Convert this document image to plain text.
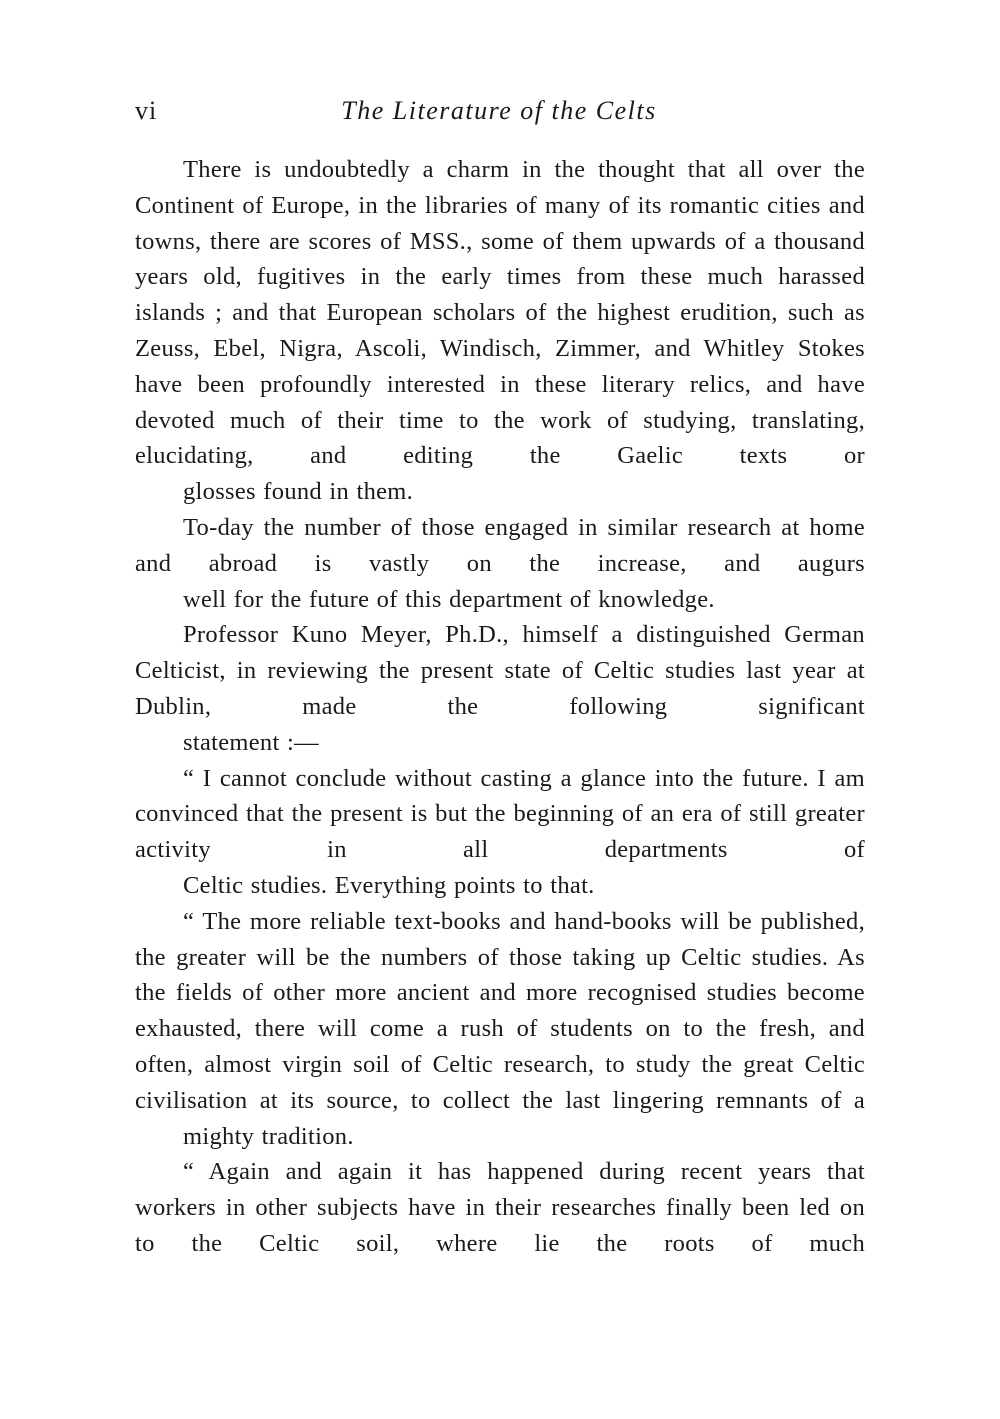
vi	The Literature of the Celts

There is undoubtedly a charm in the thought that all over the Continent of Europe, in the libraries of many of its romantic cities and towns, there are scores of MSS., some of them upwards of a thousand years old, fugitives in the early times from these much harassed islands ; and that European scholars of the highest erudition, such as Zeuss, Ebel, Nigra, Ascoli, Windisch, Zimmer, and Whitley Stokes have been profoundly interested in these literary relics, and have devoted much of their time to the work of studying, translating, elucidating, and editing the Gaelic texts or
glosses found in them.

To-day the number of those engaged in similar research at home and abroad is vastly on the increase, and augurs
well for the future of this department of knowledge.

Professor Kuno Meyer, Ph.D., himself a distinguished German Celticist, in reviewing the present state of Celtic studies last year at Dublin, made the following significant
statement :—

“ I cannot conclude without casting a glance into the future. I am convinced that the present is but the beginning of an era of still greater activity in all departments of
Celtic studies. Everything points to that.

“ The more reliable text-books and hand-books will be published, the greater will be the numbers of those taking up Celtic studies. As the fields of other more ancient and more recognised studies become exhausted, there will come a rush of students on to the fresh, and often, almost virgin soil of Celtic research, to study the great Celtic civilisation at its source, to collect the last lingering remnants of a
mighty tradition.

“ Again and again it has happened during recent years that workers in other subjects have in their researches finally been led on to the Celtic soil, where lie the roots of much
